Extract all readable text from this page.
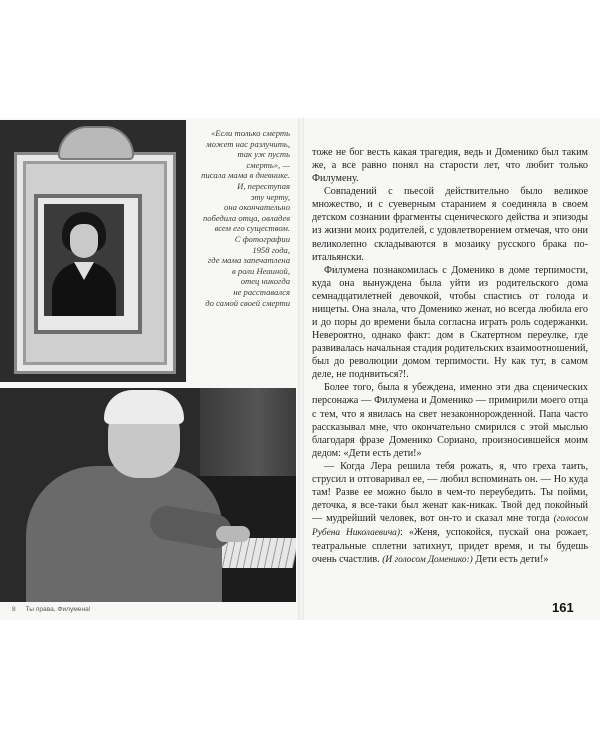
«Если только смерть
может нас разлучить,
так уж пусть
смерть», —
писала мама в дневнике.
И, переступая
эту черту,
она окончательно
победила отца, овладев
всем его существом.
С фотографии
1958 года,
где мама запечатлена
в роли Неаиной,
отец никогда
не расставался
до самой своей смерти

тоже не бог весть какая трагедия, ведь и Доменико был таким же, а все равно понял на старости лет, что любит только Филумену.

Совпадений с пьесой действительно было великое множество, и с суеверным старанием я соединяла в своем детском сознании фрагменты сценического действа и эпизоды из жизни моих родителей, с удовлетворением отмечая, что они великолепно складываются в мозаику русского брака по-итальянски.

Филумена познакомилась с Доменико в доме терпимости, куда она вынуждена была уйти из родительского дома семнадцатилетней девочкой, чтобы спастись от голода и нищеты. Она знала, что Доменико женат, но всегда любила его и до поры до времени была согласна играть роль содержанки. Невероятно, однако факт: дом в Скатертном переулке, где развивалась начальная стадия родительских взаимоотношений, был до революции домом терпимости. Ну как тут, в самом деле, не поднвиться?!.

Более того, была я убеждена, именно эти два сценических персонажа — Филумена и Доменико — примирили моего отца с тем, что я явилась на свет незаконнорожденной. Папа часто рассказывал мне, что окончательно смирился с этой мыслью благодаря фразе Доменико Сориано, произносившейся моим дедом: «Дети есть дети!»

— Когда Лера решила тебя рожать, я, что греха таить, струсил и отговаривал ее, — любил вспоминать он. — Но куда там! Разве ее можно было в чем-то переубедить. Ты пойми, деточка, я все-таки был женат как-никак. Твой дед покойный — мудрейший человек, вот он-то и сказал мне тогда (голосом Рубена Николаевича): «Женя, успокойся, пускай она рожает, театральные сплетни затихнут, придет время, и ты будешь очень счастлив. (И голосом Доменико:) Дети есть дети!»

8 Ты права, Филумена!	161
